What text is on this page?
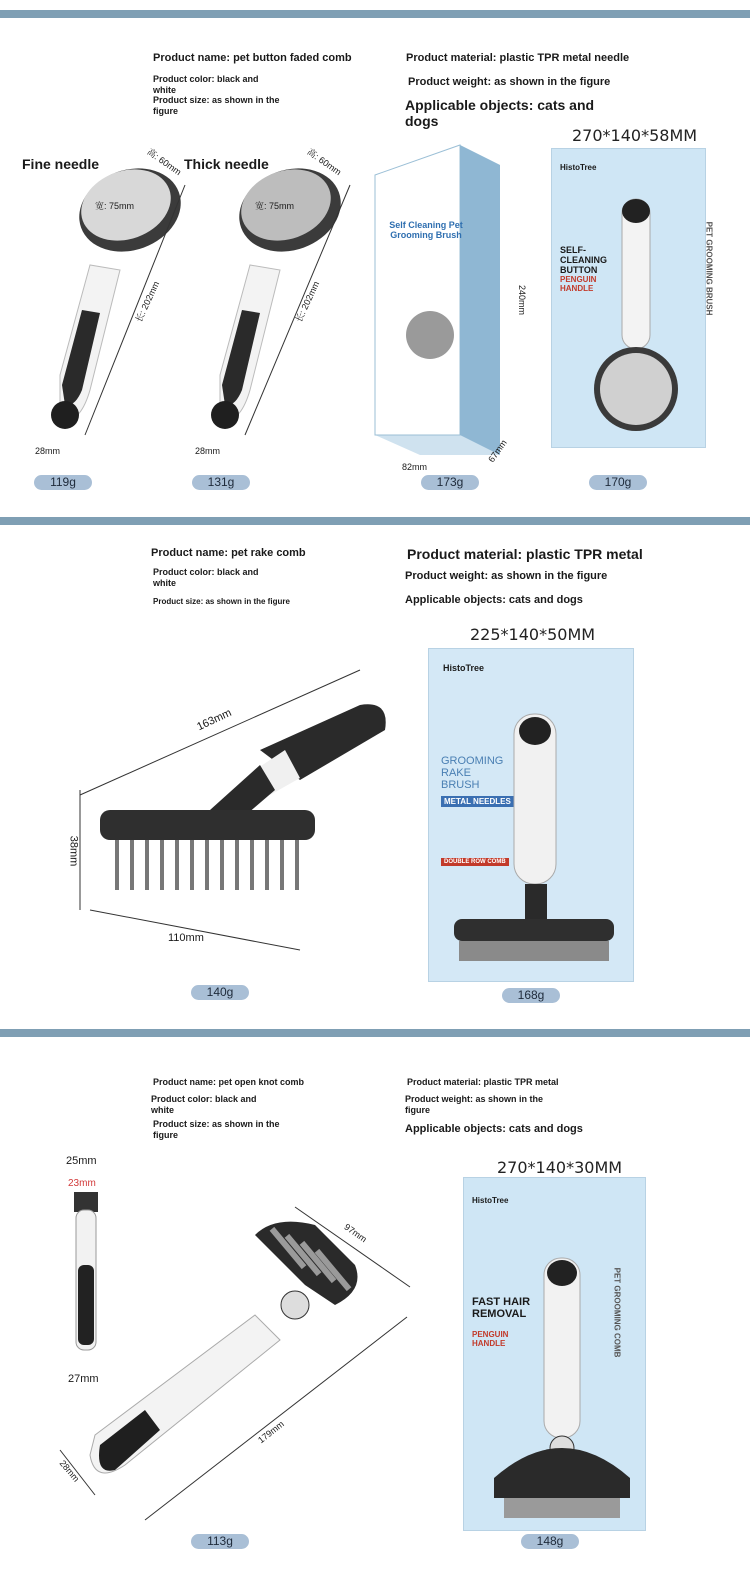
Product name: pet button faded comb
Product color: black and white
Product size: as shown in the figure
Product material: plastic TPR metal needle
Product weight: as shown in the figure
Applicable objects: cats and dogs
Fine needle	Thick needle
270*140*58MM
高: 60mm
宽: 75mm
长: 202mm
28mm
高: 60mm
宽: 75mm
长: 202mm
28mm
Self Cleaning Pet Grooming Brush
240mm
82mm
67mm
HistoTree
SELF-CLEANING BUTTON
PENGUIN HANDLE	PET GROOMING BRUSH
119g	131g	173g	170g
Product name: pet rake comb
Product color: black and white
Product size: as shown in the figure
Product material: plastic TPR metal
Product weight: as shown in the figure
Applicable objects: cats and dogs
225*140*50MM
163mm
38mm
110mm
HistoTree
GROOMING RAKE BRUSH
METAL NEEDLES
DOUBLE ROW COMB
140g	168g
Product name: pet open knot comb
Product color: black and white
Product size: as shown in the figure
Product material: plastic TPR metal
Product weight: as shown in the figure
Applicable objects: cats and dogs
270*140*30MM
25mm
23mm
27mm
97mm
179mm
28mm
HistoTree
FAST HAIR REMOVAL
PENGUIN HANDLE	PET GROOMING COMB
113g	148g
